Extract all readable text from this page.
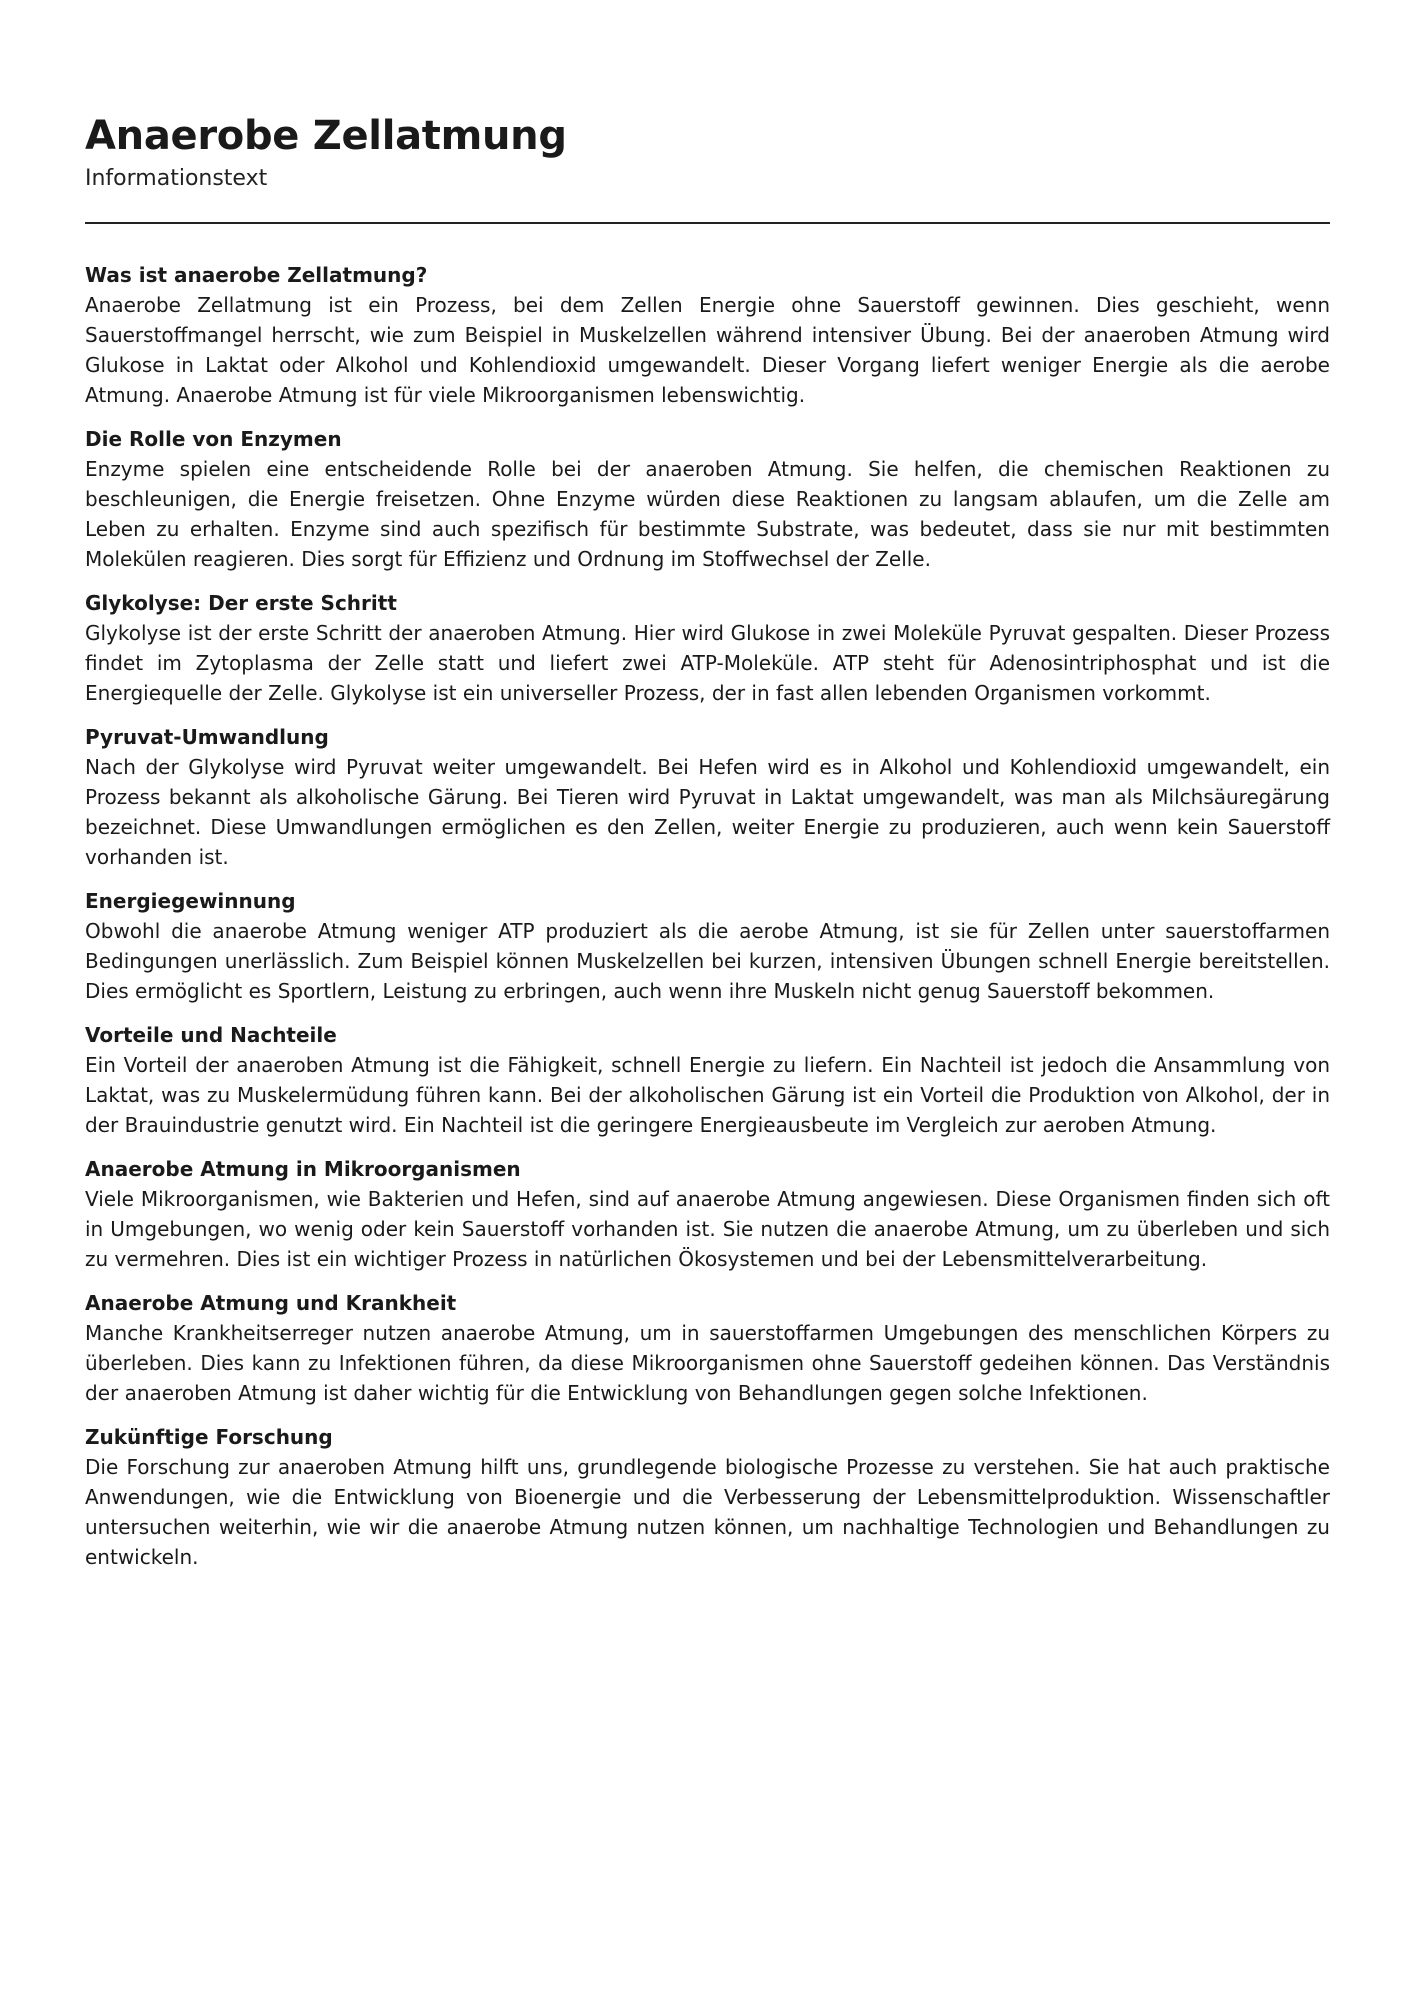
Anaerobe Zellatmung
Informationstext
Was ist anaerobe Zellatmung?

Anaerobe Zellatmung ist ein Prozess, bei dem Zellen Energie ohne Sauerstoff gewinnen. Dies geschieht, wenn Sauerstoffmangel herrscht, wie zum Beispiel in Muskelzellen während intensiver Übung. Bei der anaeroben Atmung wird Glukose in Laktat oder Alkohol und Kohlendioxid umgewandelt. Dieser Vorgang liefert weniger Energie als die aerobe Atmung. Anaerobe Atmung ist für viele Mikroorganismen lebenswichtig.

Die Rolle von Enzymen

Enzyme spielen eine entscheidende Rolle bei der anaeroben Atmung. Sie helfen, die chemischen Reaktionen zu beschleunigen, die Energie freisetzen. Ohne Enzyme würden diese Reaktionen zu langsam ablaufen, um die Zelle am Leben zu erhalten. Enzyme sind auch spezifisch für bestimmte Substrate, was bedeutet, dass sie nur mit bestimmten Molekülen reagieren. Dies sorgt für Effizienz und Ordnung im Stoffwechsel der Zelle.

Glykolyse: Der erste Schritt

Glykolyse ist der erste Schritt der anaeroben Atmung. Hier wird Glukose in zwei Moleküle Pyruvat gespalten. Dieser Prozess findet im Zytoplasma der Zelle statt und liefert zwei ATP-Moleküle. ATP steht für Adenosintriphosphat und ist die Energiequelle der Zelle. Glykolyse ist ein universeller Prozess, der in fast allen lebenden Organismen vorkommt.

Pyruvat-Umwandlung

Nach der Glykolyse wird Pyruvat weiter umgewandelt. Bei Hefen wird es in Alkohol und Kohlendioxid umgewandelt, ein Prozess bekannt als alkoholische Gärung. Bei Tieren wird Pyruvat in Laktat umgewandelt, was man als Milchsäuregärung bezeichnet. Diese Umwandlungen ermöglichen es den Zellen, weiter Energie zu produzieren, auch wenn kein Sauerstoff vorhanden ist.

Energiegewinnung

Obwohl die anaerobe Atmung weniger ATP produziert als die aerobe Atmung, ist sie für Zellen unter sauerstoffarmen Bedingungen unerlässlich. Zum Beispiel können Muskelzellen bei kurzen, intensiven Übungen schnell Energie bereitstellen. Dies ermöglicht es Sportlern, Leistung zu erbringen, auch wenn ihre Muskeln nicht genug Sauerstoff bekommen.

Vorteile und Nachteile

Ein Vorteil der anaeroben Atmung ist die Fähigkeit, schnell Energie zu liefern. Ein Nachteil ist jedoch die Ansammlung von Laktat, was zu Muskelermüdung führen kann. Bei der alkoholischen Gärung ist ein Vorteil die Produktion von Alkohol, der in der Brauindustrie genutzt wird. Ein Nachteil ist die geringere Energieausbeute im Vergleich zur aeroben Atmung.

Anaerobe Atmung in Mikroorganismen

Viele Mikroorganismen, wie Bakterien und Hefen, sind auf anaerobe Atmung angewiesen. Diese Organismen finden sich oft in Umgebungen, wo wenig oder kein Sauerstoff vorhanden ist. Sie nutzen die anaerobe Atmung, um zu überleben und sich zu vermehren. Dies ist ein wichtiger Prozess in natürlichen Ökosystemen und bei der Lebensmittelverarbeitung.

Anaerobe Atmung und Krankheit

Manche Krankheitserreger nutzen anaerobe Atmung, um in sauerstoffarmen Umgebungen des menschlichen Körpers zu überleben. Dies kann zu Infektionen führen, da diese Mikroorganismen ohne Sauerstoff gedeihen können. Das Verständnis der anaeroben Atmung ist daher wichtig für die Entwicklung von Behandlungen gegen solche Infektionen.

Zukünftige Forschung

Die Forschung zur anaeroben Atmung hilft uns, grundlegende biologische Prozesse zu verstehen. Sie hat auch praktische Anwendungen, wie die Entwicklung von Bioenergie und die Verbesserung der Lebensmittelproduktion. Wissenschaftler untersuchen weiterhin, wie wir die anaerobe Atmung nutzen können, um nachhaltige Technologien und Behandlungen zu entwickeln.
